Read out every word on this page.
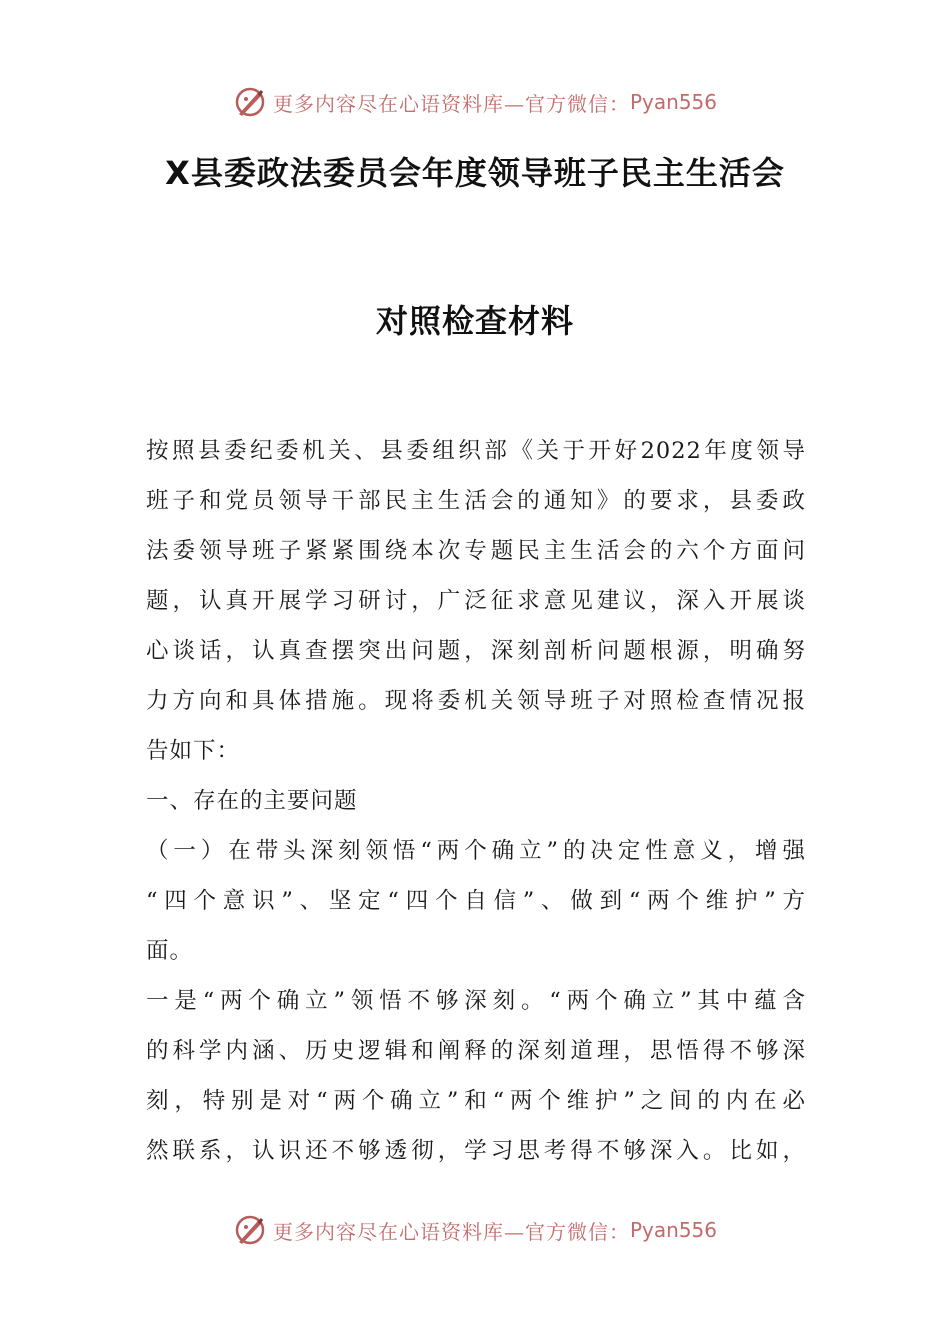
更多内容尽在心语资料库—官方微信： Pyan556
X县委政法委员会年度领导班子民主生活会
对照检查材料
按照县委纪委机关、县委组织部《关于开好2022年度领导
班子和党员领导干部民主生活会的通知》的要求，县委政
法委领导班子紧紧围绕本次专题民主生活会的六个方面问
题，认真开展学习研讨，广泛征求意见建议，深入开展谈
心谈话，认真查摆突出问题，深刻剖析问题根源，明确努
力方向和具体措施。现将委机关领导班子对照检查情况报
告如下：
一、存在的主要问题
（一）在带头深刻领悟“两个确立”的决定性意义，增强
“四个意识”、坚定“四个自信”、做到“两个维护”方
面。
一是“两个确立”领悟不够深刻。“两个确立”其中蕴含
的科学内涵、历史逻辑和阐释的深刻道理，思悟得不够深
刻，特别是对“两个确立”和“两个维护”之间的内在必
然联系，认识还不够透彻，学习思考得不够深入。比如，
更多内容尽在心语资料库—官方微信： Pyan556
